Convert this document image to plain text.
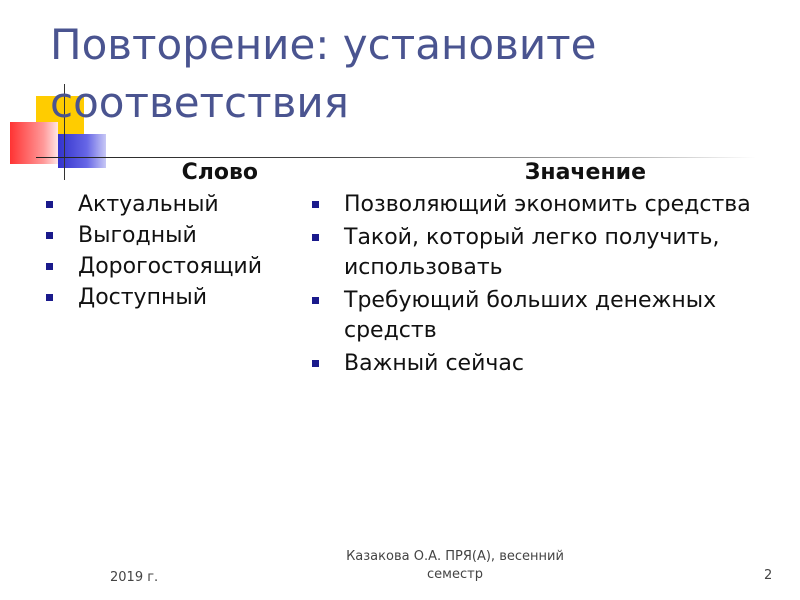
Повторение: установите соответствия
Слово
Актуальный
Выгодный
Дорогостоящий
Доступный
Значение
Позволяющий экономить средства
Такой, который легко получить, использовать
Требующий больших денежных средств
Важный сейчас
2019 г.
Казакова О.А. ПРЯ(А), весенний семестр	2
